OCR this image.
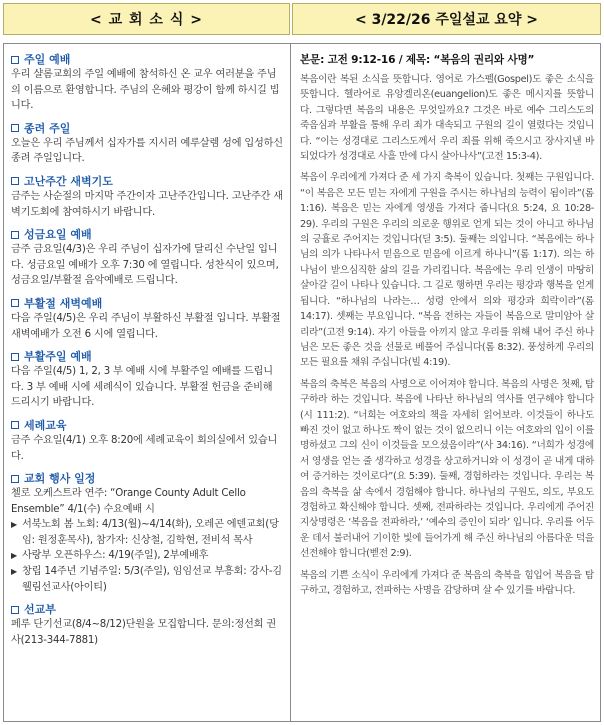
< 교 회 소 식 >	< 3/22/26 주일설교 요약 >
주일 예배
우리 샬롬교회의 주일 예배에 참석하신 온 교우 여러분을 주님의 이름으로 환영합니다. 주님의 은혜와 평강이 함께 하시길 빕니다.
종려 주일
오늘은 우리 주님께서 십자가를 지시러 예루살렘 성에 입성하신 종려 주일입니다.
고난주간 새벽기도
금주는 사순절의 마지막 주간이자 고난주간입니다. 고난주간 새벽기도회에 참여하시기 바랍니다.
성금요일 예배
금주 금요일(4/3)은 우리 주님이 십자가에 달리신 수난일 입니다. 성금요일 예배가 오후 7:30 에 열립니다. 성찬식이 있으며, 성금요일/부활절 음악예배로 드립니다.
부활절 새벽예배
다음 주일(4/5)은 우리 주님이 부활하신 부활절 입니다. 부활절 새벽예배가 오전 6 시에 열립니다.
부활주일 예배
다음 주일(4/5) 1, 2, 3 부 예배 시에 부활주일 예배를 드립니다. 3 부 예배 시에 세례식이 있습니다. 부활절 헌금을 준비해 드리시기 바랍니다.
세례교육
금주 수요일(4/1) 오후 8:20에 세례교육이 회의실에서 있습니다.
교회 행사 일정
첼로 오케스트라 연주: “Orange County Adult Cello Ensemble” 4/1(수) 수요예배 시
▶ 서북노회 봄 노회: 4/13(월)~4/14(화), 오레곤 에덴교회(당임: 원정훈목사), 참가자: 신상철, 김학현, 전비석 목사
▶ 사랑부 오픈하우스: 4/19(주일), 2부예배후
▶ 창립 14주년 기념주일: 5/3(주일), 임임선교 부흥회: 강사-김웰림선교사(아이티)
선교부
페루 단기선교(8/4~8/12)단원을 모집합니다. 문의:정선희 권사(213-344-7881)
본문: 고전 9:12-16 / 제목: “복음의 권리와 사명”

복음이란 복된 소식을 뜻합니다. 영어로 가스펠(Gospel)도 좋은 소식을 뜻합니다. 헬라어로 유앙겔리온(euangelion)도 좋은 메시지를 뜻합니다. 그렇다면 복음의 내용은 무엇일까요? 그것은 바로 예수 그리스도의 죽음심과 부활을 통해 우리 죄가 대속되고 구원의 길이 열렸다는 것입니다. “이는 성경대로 그리스도께서 우리 죄를 위해 죽으시고 장사지낸 바 되었다가 성경대로 사흘 만에 다시 살아나사”(고전 15:3-4).

복음이 우리에게 가져다 준 세 가지 축복이 있습니다. 첫째는 구원입니다. “이 복음은 모든 믿는 자에게 구원을 주시는 하나님의 능력이 됨이라”(롬 1:16). 복음은 믿는 자에게 영생을 가져다 줍니다(요 5:24, 요 10:28-29). 우리의 구원은 우리의 의로운 행위로 얻게 되는 것이 아니고 하나님의 긍휼로 주어지는 것입니다(딛 3:5). 둘째는 의입니다. “복음에는 하나님의 의가 나타나서 믿음으로 믿음에 이르게 하나니”(롬 1:17). 의는 하나님이 받으심직한 삶의 길을 가리킵니다. 복음에는 우리 인생이 마땅히 살아갈 길이 나타나 있습니다. 그 길로 행하면 우리는 평강과 행복을 얻게 됩니다. “하나님의 나라는… 성령 안에서 의와 평강과 희락이라”(롬 14:17). 셋째는 부요입니다. “복음 전하는 자들이 복음으로 말미암아 살리라”(고전 9:14). 자기 아들을 아끼지 않고 우리를 위해 내어 주신 하나님은 모든 좋은 것을 선물로 베풀어 주십니다(롬 8:32). 풍성하게 우리의 모든 필요를 채워 주십니다(빌 4:19).

복음의 축복은 복음의 사명으로 이어져야 합니다. 복음의 사명은 첫째, 탐구하라 하는 것입니다. 복음에 나타난 하나님의 역사를 연구해야 합니다(시 111:2). “너희는 여호와의 책을 자세히 읽어보라. 이것들이 하나도 빠진 것이 없고 하나도 짝이 없는 것이 없으리니 이는 여호와의 입이 이를 명하셨고 그의 신이 이것들을 모으셨음이라”(사 34:16). “너희가 성경에서 영생을 얻는 줄 생각하고 성경을 상고하거니와 이 성경이 곧 내게 대하여 증거하는 것이로다”(요 5:39). 둘째, 경험하라는 것입니다. 우리는 복음의 축복을 삶 속에서 경험해야 합니다. 하나님의 구원도, 의도, 부요도 경험하고 확신해야 합니다. 셋째, 전파하라는 것입니다. 우리에게 주어진 지상명령은 ‘복음을 전파하라,’ ‘예수의 증인이 되라’ 입니다. 우리를 어두운 데서 불러내어 기이한 빛에 들어가게 해 주신 하나님의 아름다운 덕을 선전해야 합니다(벧전 2:9).

복음의 기쁜 소식이 우리에게 가져다 준 복음의 축복을 힘입어 복음을 탐구하고, 경험하고, 전파하는 사명을 감당하며 살 수 있기를 바랍니다.
